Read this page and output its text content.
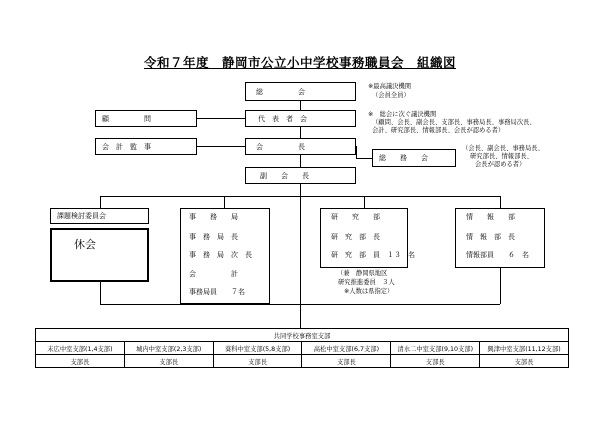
令和７年度　静岡市公立小中学校事務職員会　組織図
総　　　　　会
※最高議決機関
（会員全員）
顧　　　　　問	代　表　者　会
※　総会に次ぐ議決機関
（顧問、会長、副会長、支部長、事務局長、事務局次長、
会計、研究部長、情報部長、会長が認める者）
会　計　監　事	会　　　　　長
総　　務　　会
（会長、副会長、事務局長、
研究部長、情報部長、
会長が認める者）
副　　会　　長
課題検討委員会
休会
事　　務　　局
事　務　局　長
事　務　局　次　長
会　　　　　計
事務局員　　７名
研　　究　　部
研　究　部　長
研　究　部　員　１３　名
（兼　静岡県地区
研究推進委員　３人
※人数は県指定）
情　　報　　部
情　報　部　長
情報部員　　６　名
共同学校事務室支部					
末広中室支部(1,4支部)	城内中室支部(2,3支部)	葵科中室支部(5,8支部)	高松中室支部(6,7支部)	清水二中室支部(9,10支部)	興津中室支部(11,12支部)
支部長	支部長	支部長	支部長	支部長	支部長
